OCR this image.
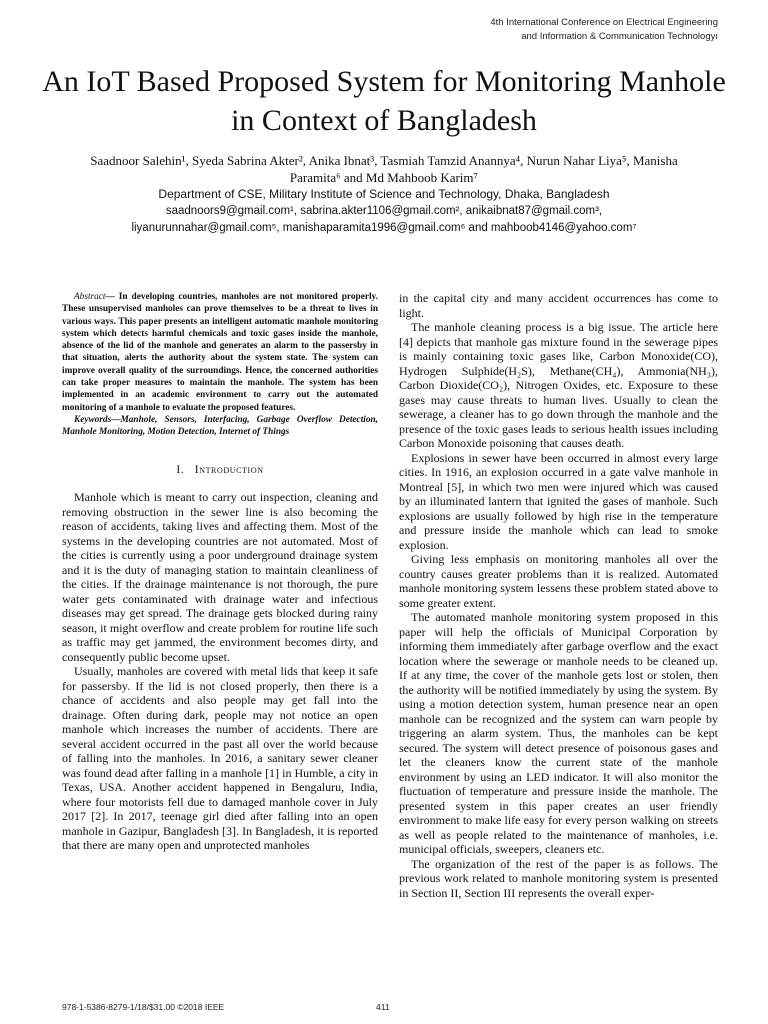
4th International Conference on Electrical Engineering
and Information & Communication Technologyı
An IoT Based Proposed System for Monitoring Manhole in Context of Bangladesh
Saadnoor Salehin¹, Syeda Sabrina Akter², Anika Ibnat³, Tasmiah Tamzid Anannya⁴, Nurun Nahar Liya⁵, Manisha Paramita⁶ and Md Mahboob Karim⁷
Department of CSE, Military Institute of Science and Technology, Dhaka, Bangladesh
saadnoors9@gmail.com¹, sabrina.akter1106@gmail.com², anikaibnat87@gmail.com³,
liyanurunnahar@gmail.com⁵, manishaparamita1996@gmail.com⁶ and mahboob4146@yahoo.com⁷

Abstract— In developing countries, manholes are not monitored properly. These unsupervised manholes can prove themselves to be a threat to lives in various ways. This paper presents an intelligent automatic manhole monitoring system which detects harmful chemicals and toxic gases inside the manhole, absence of the lid of the manhole and generates an alarm to the passersby in that situation, alerts the authority about the system state. The system can improve overall quality of the surroundings. Hence, the concerned authorities can take proper measures to maintain the manhole. The system has been implemented in an academic environment to carry out the automated monitoring of a manhole to evaluate the proposed features.

Keywords—Manhole, Sensors, Interfacing, Garbage Overflow Detection, Manhole Monitoring, Motion Detection, Internet of Things

I. Introduction

Manhole which is meant to carry out inspection, cleaning and removing obstruction in the sewer line is also becoming the reason of accidents, taking lives and affecting them. Most of the systems in the developing countries are not automated. Most of the cities is currently using a poor underground drainage system and it is the duty of managing station to maintain cleanliness of the cities. If the drainage maintenance is not thorough, the pure water gets contaminated with drainage water and infectious diseases may get spread. The drainage gets blocked during rainy season, it might overflow and create problem for routine life such as traffic may get jammed, the environment becomes dirty, and consequently public become upset.

Usually, manholes are covered with metal lids that keep it safe for passersby. If the lid is not closed properly, then there is a chance of accidents and also people may get fall into the drainage. Often during dark, people may not notice an open manhole which increases the number of accidents. There are several accident occurred in the past all over the world because of falling into the manholes. In 2016, a sanitary sewer cleaner was found dead after falling in a manhole [1] in Humble, a city in Texas, USA. Another accident happened in Bengaluru, India, where four motorists fell due to damaged manhole cover in July 2017 [2]. In 2017, teenage girl died after falling into an open manhole in Gazipur, Bangladesh [3]. In Bangladesh, it is reported that there are many open and unprotected manholes

in the capital city and many accident occurrences has come to light.

The manhole cleaning process is a big issue. The article here [4] depicts that manhole gas mixture found in the sewerage pipes is mainly containing toxic gases like, Carbon Monoxide(CO), Hydrogen Sulphide(H₂S), Methane(CH₄), Ammonia(NH₃), Carbon Dioxide(CO₂), Nitrogen Oxides, etc. Exposure to these gases may cause threats to human lives. Usually to clean the sewerage, a cleaner has to go down through the manhole and the presence of the toxic gases leads to serious health issues including Carbon Monoxide poisoning that causes death.

Explosions in sewer have been occurred in almost every large cities. In 1916, an explosion occurred in a gate valve manhole in Montreal [5], in which two men were injured which was caused by an illuminated lantern that ignited the gases of manhole. Such explosions are usually followed by high rise in the temperature and pressure inside the manhole which can lead to smoke explosion.

Giving less emphasis on monitoring manholes all over the country causes greater problems than it is realized. Automated manhole monitoring system lessens these problem stated above to some greater extent.

The automated manhole monitoring system proposed in this paper will help the officials of Municipal Corporation by informing them immediately after garbage overflow and the exact location where the sewerage or manhole needs to be cleaned up. If at any time, the cover of the manhole gets lost or stolen, then the authority will be notified immediately by using the system. By using a motion detection system, human presence near an open manhole can be recognized and the system can warn people by triggering an alarm system. Thus, the manholes can be kept secured. The system will detect presence of poisonous gases and let the cleaners know the current state of the manhole environment by using an LED indicator. It will also monitor the fluctuation of temperature and pressure inside the manhole. The presented system in this paper creates an user friendly environment to make life easy for every person walking on streets as well as people related to the maintenance of manholes, i.e. municipal officials, sweepers, cleaners etc.

The organization of the rest of the paper is as follows. The previous work related to manhole monitoring system is presented in Section II, Section III represents the overall exper-

978-1-5386-8279-1/18/$31.00 ©2018 IEEE	411
